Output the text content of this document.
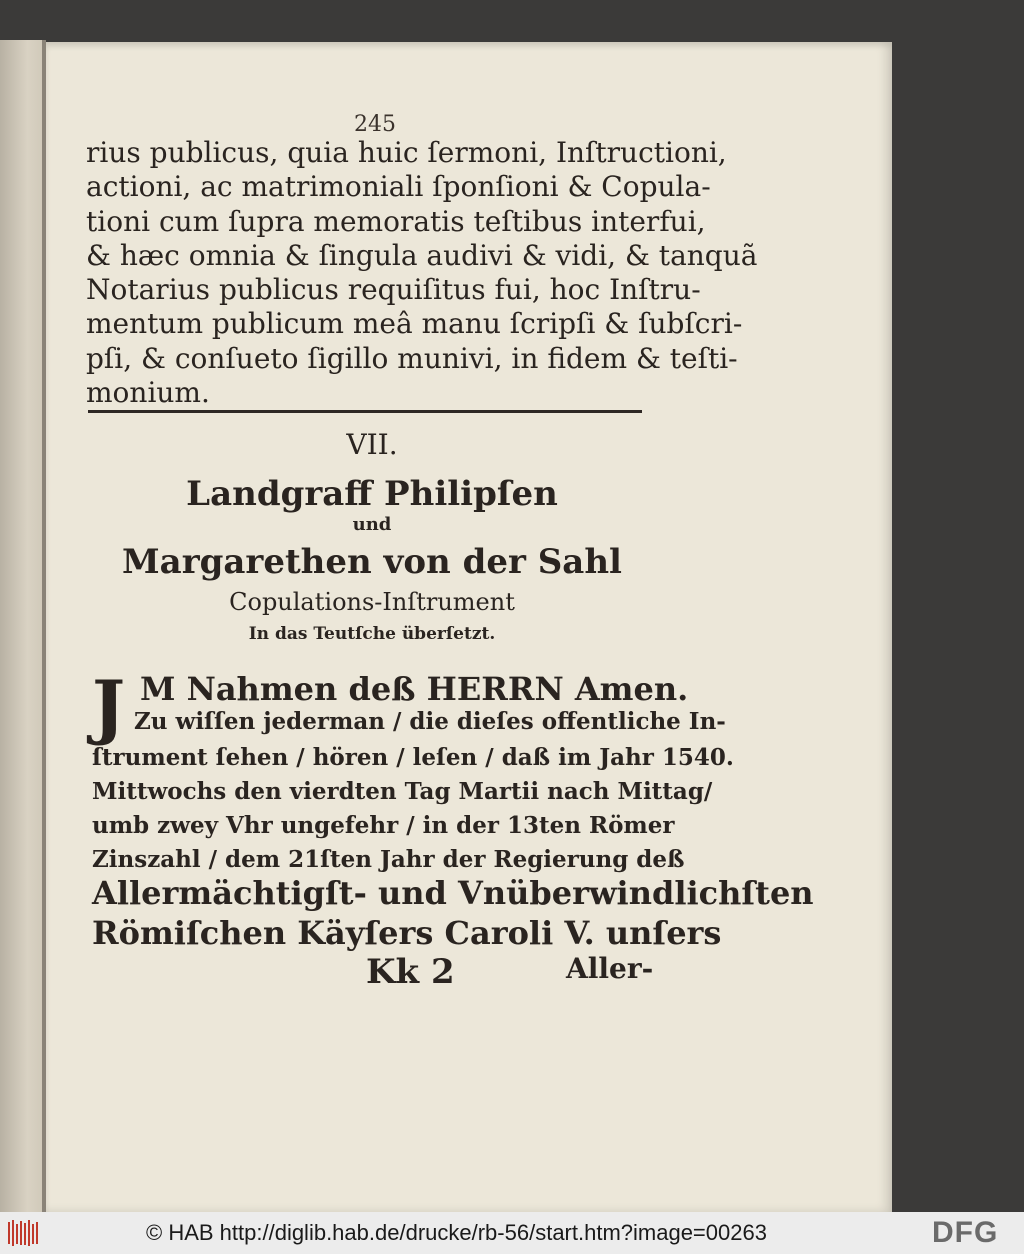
245
rius publicus, quia huic ſermoni, Inſtructioni,
actioni, ac matrimoniali ſponſioni & Copula-
tioni cum ſupra memoratis teſtibus interfui,
& hæc omnia & ſingula audivi & vidi, & tanquã
Notarius publicus requiſitus fui, hoc Inſtru-
mentum publicum meâ manu ſcripſi & ſubſcri-
pſi, & conſueto ſigillo munivi, in fidem & teſti-
monium.
VII.
Landgraff Philipſen
und
Margarethen von der Sahl
Copulations-Inſtrument
In das Teutſche überſetzt.
J M Nahmen deß HERRN Amen.
Zu wiſſen jederman / die dieſes offentliche In-
ſtrument ſehen / hören / leſen / daß im Jahr 1540.
Mittwochs den vierdten Tag Martii nach Mittag/
umb zwey Vhr ungefehr / in der 13ten Römer
Zinszahl / dem 21ſten Jahr der Regierung deß
Allermächtigſt- und Vnüberwindlichſten
Römiſchen Käyſers Caroli V. unſers
Kk 2	Aller-
© HAB http://diglib.hab.de/drucke/rb-56/start.htm?image=00263	DFG
